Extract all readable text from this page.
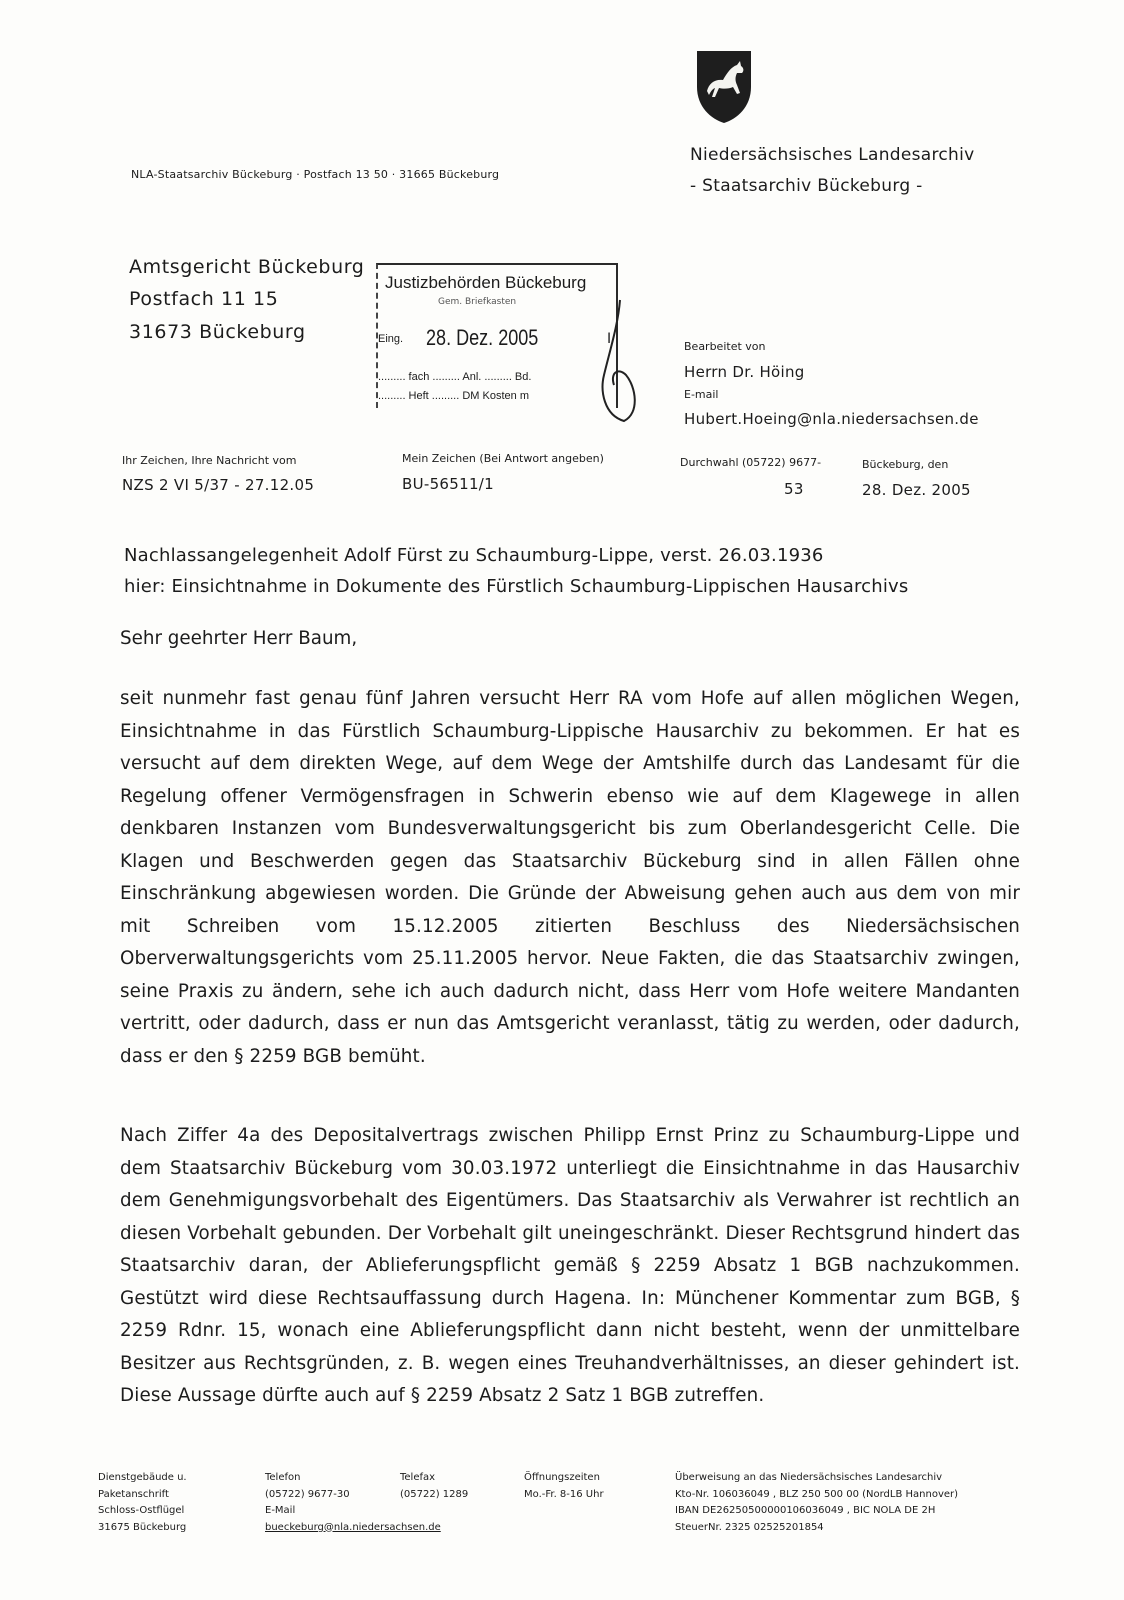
NLA-Staatsarchiv Bückeburg · Postfach 13 50 · 31665 Bückeburg
Niedersächsisches Landesarchiv
- Staatsarchiv Bückeburg -
Amtsgericht Bückeburg
Postfach 11 15
31673 Bückeburg
Justizbehörden Bückeburg
Gem. Briefkasten
Eing. 28. Dez. 2005	I
......... fach ......... Anl. ......... Bd.
......... Heft ......... DM Kosten m
Bearbeitet von
Herrn Dr. Höing
E-mail
Hubert.Hoeing@nla.niedersachsen.de
Ihr Zeichen, Ihre Nachricht vom
NZS 2 VI 5/37 - 27.12.05
Mein Zeichen (Bei Antwort angeben)
BU-56511/1
Durchwahl (05722) 9677-
53
Bückeburg, den
28. Dez. 2005
Nachlassangelegenheit Adolf Fürst zu Schaumburg-Lippe, verst. 26.03.1936
hier: Einsichtnahme in Dokumente des Fürstlich Schaumburg-Lippischen Hausarchivs
Sehr geehrter Herr Baum,
seit nunmehr fast genau fünf Jahren versucht Herr RA vom Hofe auf allen möglichen Wegen, Einsichtnahme in das Fürstlich Schaumburg-Lippische Hausarchiv zu bekommen. Er hat es versucht auf dem direkten Wege, auf dem Wege der Amtshilfe durch das Landesamt für die Regelung offener Vermögensfragen in Schwerin ebenso wie auf dem Klagewege in allen denkbaren Instanzen vom Bundesverwaltungsgericht bis zum Oberlandesgericht Celle. Die Klagen und Beschwerden gegen das Staatsarchiv Bückeburg sind in allen Fällen ohne Einschränkung abgewiesen worden. Die Gründe der Abweisung gehen auch aus dem von mir mit Schreiben vom 15.12.2005 zitierten Beschluss des Niedersächsischen Oberverwaltungsgerichts vom 25.11.2005 hervor. Neue Fakten, die das Staatsarchiv zwingen, seine Praxis zu ändern, sehe ich auch dadurch nicht, dass Herr vom Hofe weitere Mandanten vertritt, oder dadurch, dass er nun das Amtsgericht veranlasst, tätig zu werden, oder dadurch, dass er den § 2259 BGB bemüht.
Nach Ziffer 4a des Depositalvertrags zwischen Philipp Ernst Prinz zu Schaumburg-Lippe und dem Staatsarchiv Bückeburg vom 30.03.1972 unterliegt die Einsichtnahme in das Hausarchiv dem Genehmigungsvorbehalt des Eigentümers. Das Staatsarchiv als Verwahrer ist rechtlich an diesen Vorbehalt gebunden. Der Vorbehalt gilt uneingeschränkt. Dieser Rechtsgrund hindert das Staatsarchiv daran, der Ablieferungspflicht gemäß § 2259 Absatz 1 BGB nachzukommen. Gestützt wird diese Rechtsauffassung durch Hagena. In: Münchener Kommentar zum BGB, § 2259 Rdnr. 15, wonach eine Ablieferungspflicht dann nicht besteht, wenn der unmittelbare Besitzer aus Rechtsgründen, z. B. wegen eines Treuhandverhältnisses, an dieser gehindert ist. Diese Aussage dürfte auch auf § 2259 Absatz 2 Satz 1 BGB zutreffen.
Dienstgebäude u.
Paketanschrift
Schloss-Ostflügel
31675 Bückeburg
Telefon
(05722) 9677-30
E-Mail
bueckeburg@nla.niedersachsen.de
Telefax
(05722) 1289
Öffnungszeiten
Mo.-Fr. 8-16 Uhr
Überweisung an das Niedersächsisches Landesarchiv
Kto-Nr. 106036049 , BLZ 250 500 00 (NordLB Hannover)
IBAN DE26250500000106036049 , BIC NOLA DE 2H
SteuerNr. 2325 02525201854
